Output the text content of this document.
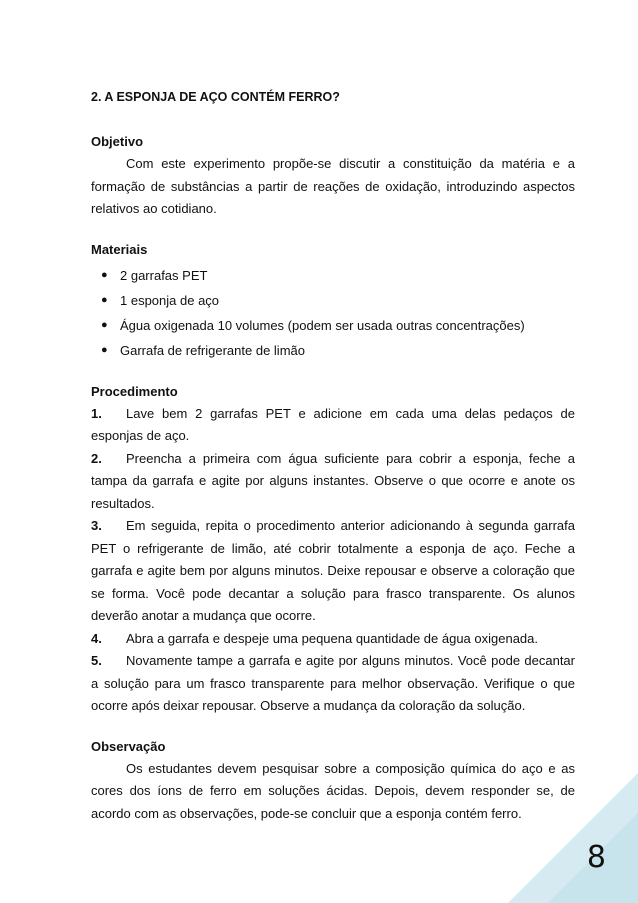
8
2. A ESPONJA DE AÇO CONTÉM FERRO?
Objetivo

Com este experimento propõe-se discutir a constituição da matéria e a formação de substâncias a partir de reações de oxidação, introduzindo aspectos relativos ao cotidiano.

Materiais
● 2 garrafas PET
● 1 esponja de aço
● Água oxigenada 10 volumes (podem ser usada outras concentrações)
● Garrafa de refrigerante de limão
Procedimento

1. Lave bem 2 garrafas PET e adicione em cada uma delas pedaços de esponjas de aço.

2. Preencha a primeira com água suficiente para cobrir a esponja, feche a tampa da garrafa e agite por alguns instantes. Observe o que ocorre e anote os resultados.

3. Em seguida, repita o procedimento anterior adicionando à segunda garrafa PET o refrigerante de limão, até cobrir totalmente a esponja de aço. Feche a garrafa e agite bem por alguns minutos. Deixe repousar e observe a coloração que se forma. Você pode decantar a solução para frasco transparente. Os alunos deverão anotar a mudança que ocorre.

4. Abra a garrafa e despeje uma pequena quantidade de água oxigenada.

5. Novamente tampe a garrafa e agite por alguns minutos. Você pode decantar a solução para um frasco transparente para melhor observação. Verifique o que ocorre após deixar repousar. Observe a mudança da coloração da solução.

Observação

Os estudantes devem pesquisar sobre a composição química do aço e as cores dos íons de ferro em soluções ácidas. Depois, devem responder se, de acordo com as observações, pode-se concluir que a esponja contém ferro.
